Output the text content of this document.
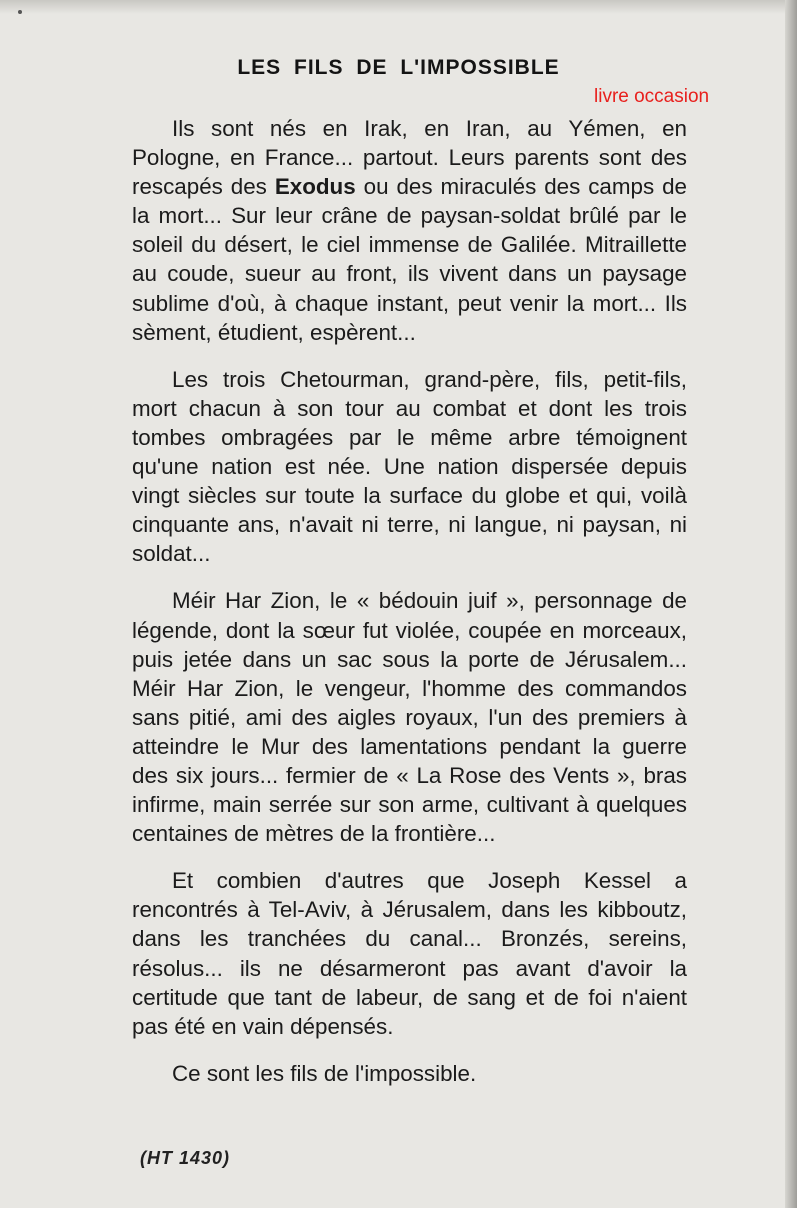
LES FILS DE L'IMPOSSIBLE
livre occasion

Ils sont nés en Irak, en Iran, au Yémen, en Pologne, en France... partout. Leurs parents sont des rescapés des Exodus ou des miraculés des camps de la mort... Sur leur crâne de paysan-soldat brûlé par le soleil du désert, le ciel immense de Galilée. Mitraillette au coude, sueur au front, ils vivent dans un paysage sublime d'où, à chaque instant, peut venir la mort... Ils sèment, étudient, espèrent...

Les trois Chetourman, grand-père, fils, petit-fils, mort chacun à son tour au combat et dont les trois tombes ombragées par le même arbre témoignent qu'une nation est née. Une nation dispersée depuis vingt siècles sur toute la surface du globe et qui, voilà cinquante ans, n'avait ni terre, ni langue, ni paysan, ni soldat...

Méir Har Zion, le « bédouin juif », personnage de légende, dont la sœur fut violée, coupée en morceaux, puis jetée dans un sac sous la porte de Jérusalem... Méir Har Zion, le vengeur, l'homme des commandos sans pitié, ami des aigles royaux, l'un des premiers à atteindre le Mur des lamentations pendant la guerre des six jours... fermier de « La Rose des Vents », bras infirme, main serrée sur son arme, cultivant à quelques centaines de mètres de la frontière...

Et combien d'autres que Joseph Kessel a rencontrés à Tel-Aviv, à Jérusalem, dans les kibboutz, dans les tranchées du canal... Bronzés, sereins, résolus... ils ne désarmeront pas avant d'avoir la certitude que tant de labeur, de sang et de foi n'aient pas été en vain dépensés.

Ce sont les fils de l'impossible.

(HT 1430)
